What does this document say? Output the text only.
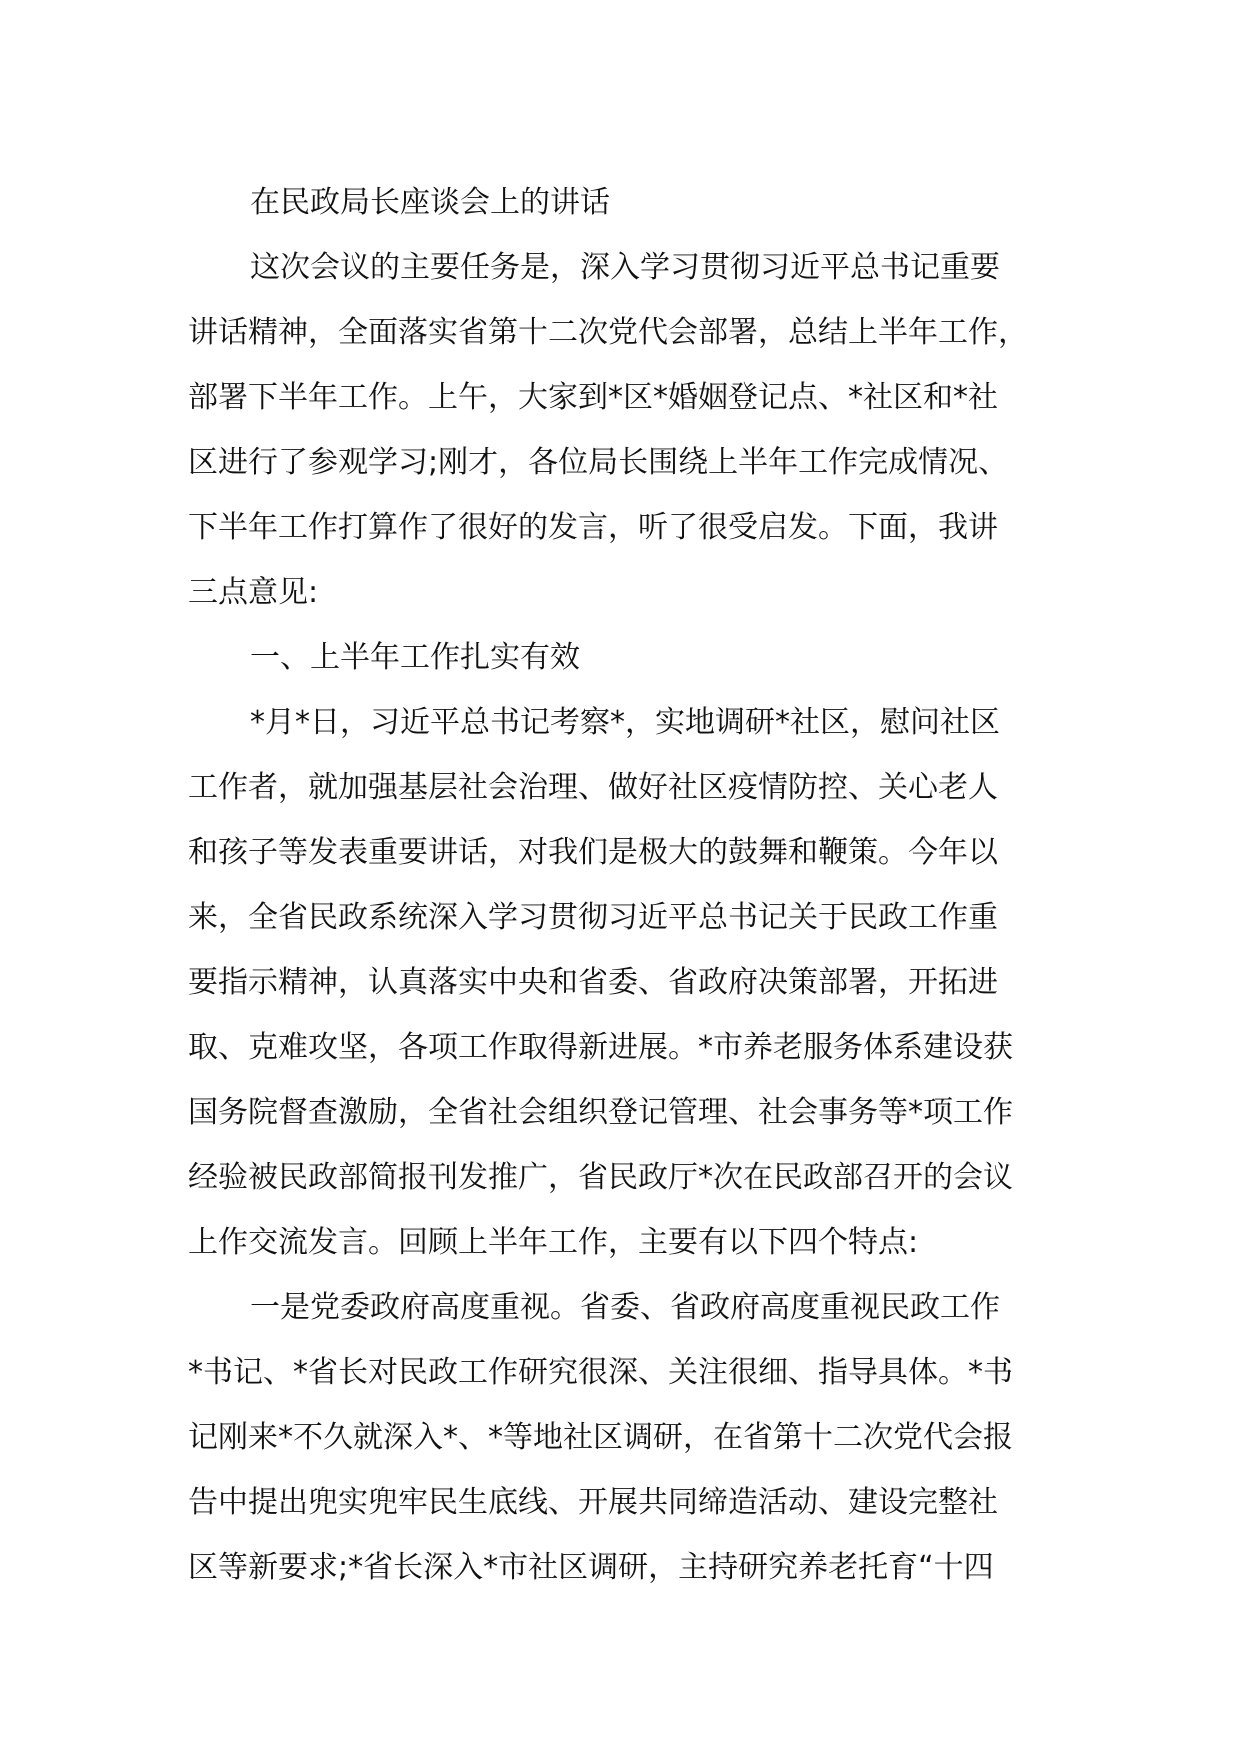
在民政局长座谈会上的讲话
这次会议的主要任务是，深入学习贯彻习近平总书记重要
讲话精神，全面落实省第十二次党代会部署，总结上半年工作，
部署下半年工作。上午，大家到*区*婚姻登记点、*社区和*社
区进行了参观学习;刚才，各位局长围绕上半年工作完成情况、
下半年工作打算作了很好的发言，听了很受启发。下面，我讲
三点意见:
一、上半年工作扎实有效
*月*日，习近平总书记考察*，实地调研*社区，慰问社区
工作者，就加强基层社会治理、做好社区疫情防控、关心老人
和孩子等发表重要讲话，对我们是极大的鼓舞和鞭策。今年以
来，全省民政系统深入学习贯彻习近平总书记关于民政工作重
要指示精神，认真落实中央和省委、省政府决策部署，开拓进
取、克难攻坚，各项工作取得新进展。*市养老服务体系建设获
国务院督查激励，全省社会组织登记管理、社会事务等*项工作
经验被民政部简报刊发推广，省民政厅*次在民政部召开的会议
上作交流发言。回顾上半年工作，主要有以下四个特点:
一是党委政府高度重视。省委、省政府高度重视民政工作
*书记、*省长对民政工作研究很深、关注很细、指导具体。*书
记刚来*不久就深入*、*等地社区调研，在省第十二次党代会报
告中提出兜实兜牢民生底线、开展共同缔造活动、建设完整社
区等新要求;*省长深入*市社区调研，主持研究养老托育“十四
